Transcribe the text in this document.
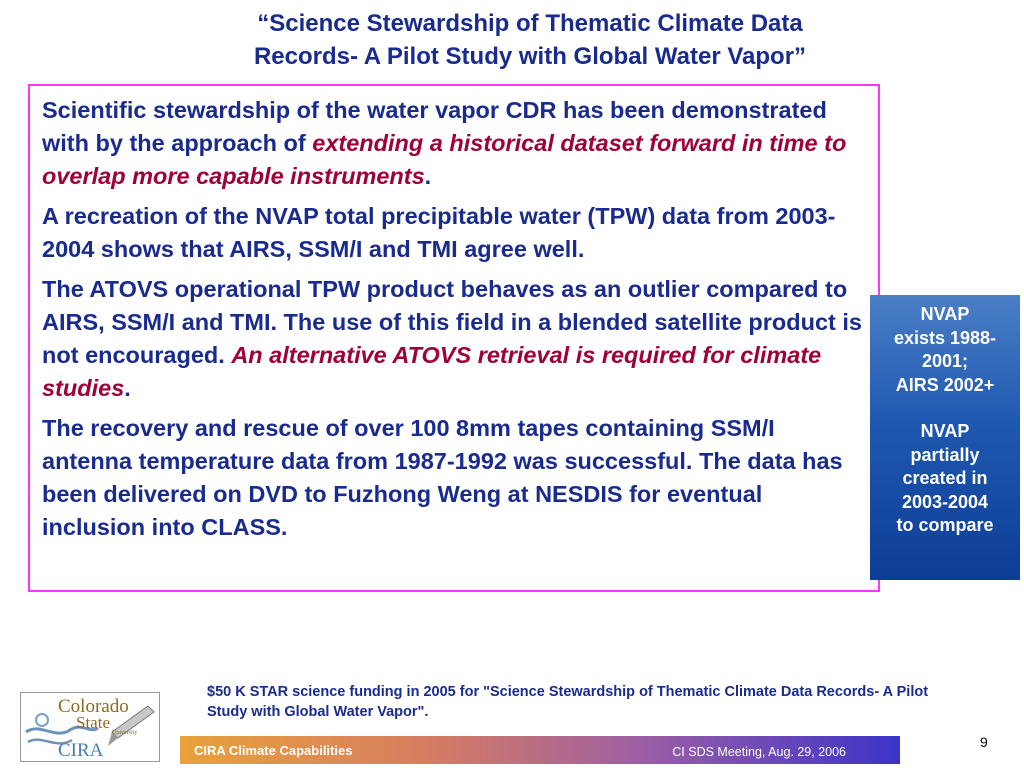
“Science Stewardship of Thematic Climate Data
Records- A Pilot Study with Global Water Vapor”

Scientific stewardship of the water vapor CDR has been demonstrated with by the approach of extending a historical dataset forward in time to overlap more capable instruments.

A recreation of the NVAP total precipitable water (TPW) data from 2003-2004 shows that AIRS, SSM/I and TMI agree well.

The ATOVS operational TPW product behaves as an outlier compared to AIRS, SSM/I and TMI. The use of this field in a blended satellite product is not encouraged. An alternative ATOVS retrieval is required for climate studies.

The recovery and rescue of over 100 8mm tapes containing SSM/I antenna temperature data from 1987-1992 was successful. The data has been delivered on DVD to Fuzhong Weng at NESDIS for eventual inclusion into CLASS.

NVAP
exists 1988-
2001;
AIRS 2002+
NVAP
partially
created in
2003-2004
to compare
$50 K STAR science funding in 2005 for "Science Stewardship of Thematic Climate Data Records- A Pilot Study with Global Water Vapor".
Colorado
State
University
CIRA	CIRA Climate Capabilities	CI SDS Meeting, Aug. 29, 2006
9
